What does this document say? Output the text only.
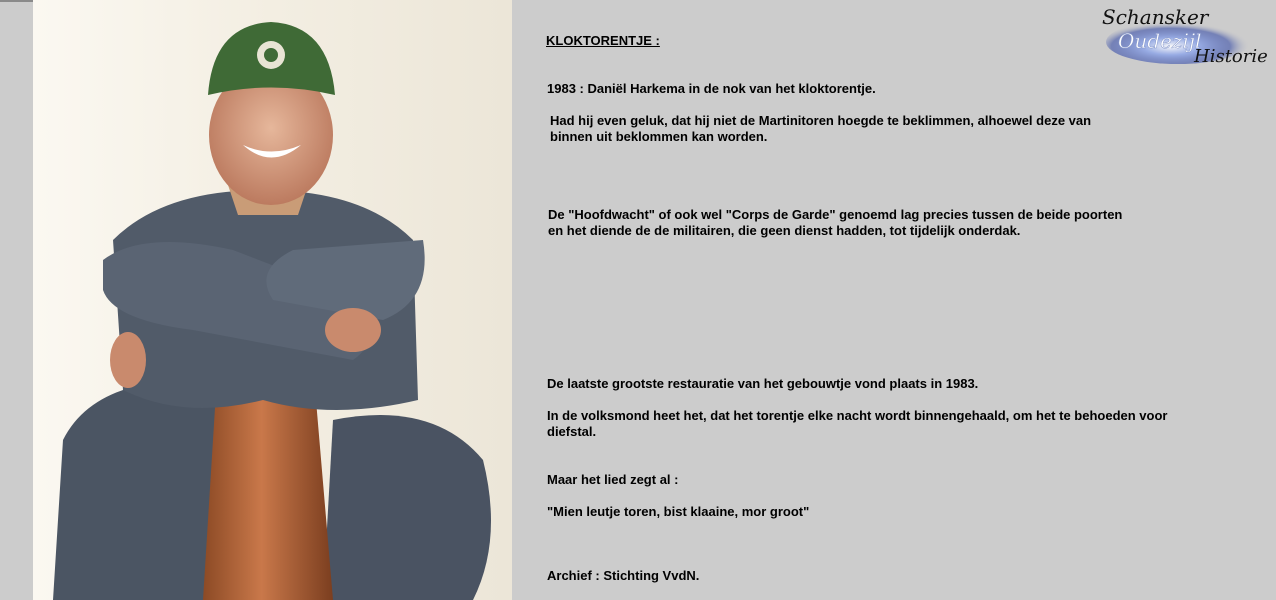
KLOKTORENTJE :
1983 : Daniël Harkema in de nok van het kloktorentje.
Had hij even geluk, dat hij niet de Martinitoren hoegde te beklimmen, alhoewel deze van
binnen uit beklommen kan worden.
De "Hoofdwacht" of ook wel "Corps de Garde" genoemd lag precies tussen de beide poorten
en het diende de de militairen, die geen dienst hadden, tot tijdelijk onderdak.
De laatste grootste restauratie van het gebouwtje vond plaats in 1983.
In de volksmond heet het, dat het torentje elke nacht wordt binnengehaald, om het te behoeden voor
diefstal.
Maar het lied zegt al :
"Mien leutje toren, bist klaaine, mor groot"
Archief : Stichting VvdN.
Schansker
Oudezijl
Historie
